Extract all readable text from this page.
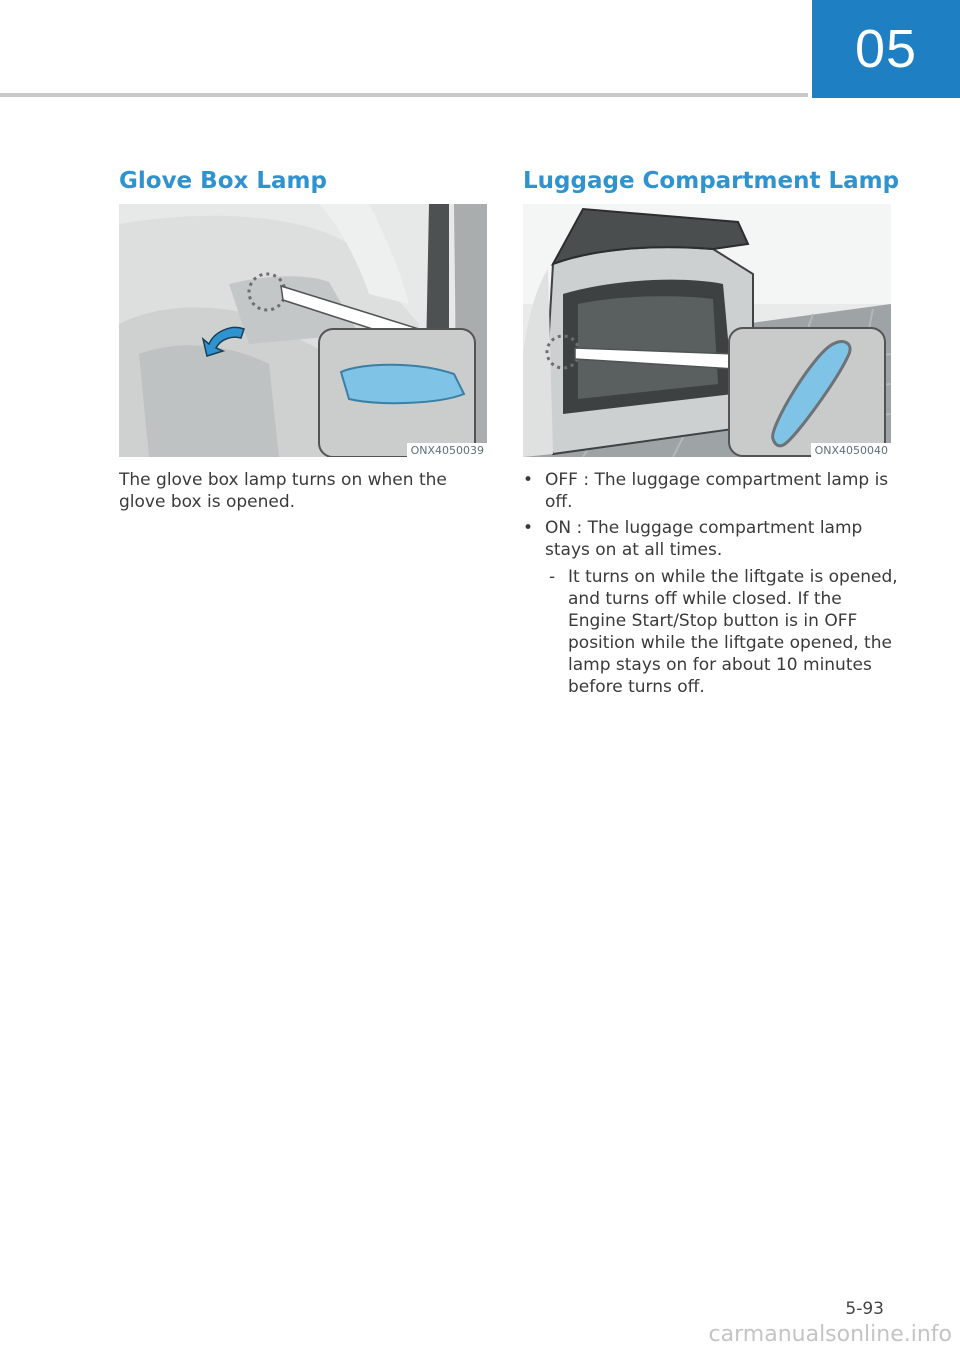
05
Glove Box Lamp
ONX4050039

The glove box lamp turns on when the glove box is opened.

Luggage Compartment Lamp
ONX4050040
• OFF : The luggage compartment lamp is off.
• ON : The luggage compartment lamp stays on at all times.
- It turns on while the liftgate is opened, and turns off while closed. If the Engine Start/Stop button is in OFF position while the liftgate opened, the lamp stays on for about 10 minutes before turns off.
5-93
carmanualsonline.info
